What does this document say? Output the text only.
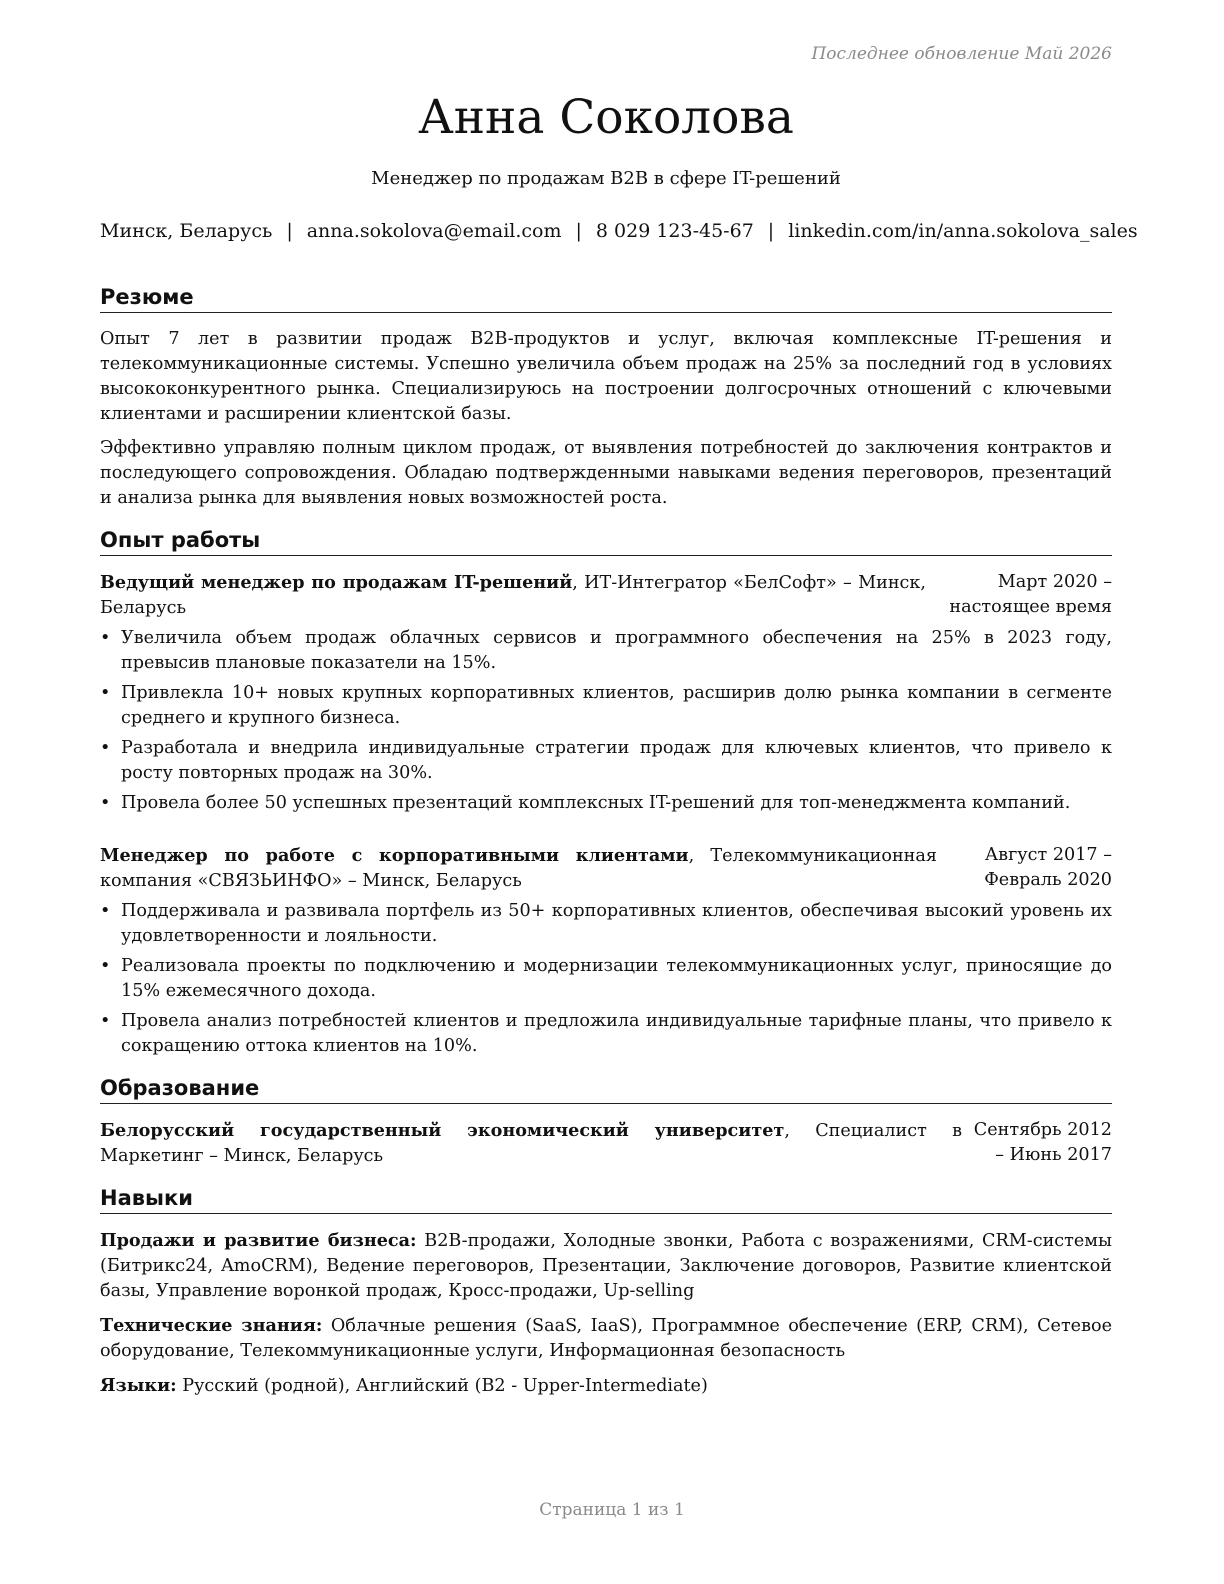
Последнее обновление Май 2026
Анна Соколова
Менеджер по продажам B2B в сфере IT-решений
Минск, Беларусь | anna.sokolova@email.com | 8 029 123-45-67 | linkedin.com/in/anna.sokolova_sales
Резюме

Опыт 7 лет в развитии продаж B2B-продуктов и услуг, включая комплексные IT-решения и телекоммуникационные системы. Успешно увеличила объем продаж на 25% за последний год в условиях высококонкурентного рынка. Специализируюсь на построении долгосрочных отношений с ключевыми клиентами и расширении клиентской базы.

Эффективно управляю полным циклом продаж, от выявления потребностей до заключения контрактов и последующего сопровождения. Обладаю подтвержденными навыками ведения переговоров, презентаций и анализа рынка для выявления новых возможностей роста.

Опыт работы
Ведущий менеджер по продажам IT-решений, ИТ-Интегратор «БелСофт» – Минск, Беларусь
Март 2020 – настоящее время
• Увеличила объем продаж облачных сервисов и программного обеспечения на 25% в 2023 году, превысив плановые показатели на 15%.
• Привлекла 10+ новых крупных корпоративных клиентов, расширив долю рынка компании в сегменте среднего и крупного бизнеса.
• Разработала и внедрила индивидуальные стратегии продаж для ключевых клиентов, что привело к росту повторных продаж на 30%.
• Провела более 50 успешных презентаций комплексных IT-решений для топ-менеджмента компаний.
Менеджер по работе с корпоративными клиентами, Телекоммуникационная компания «СВЯЗЬИНФО» – Минск, Беларусь
Август 2017 – Февраль 2020
• Поддерживала и развивала портфель из 50+ корпоративных клиентов, обеспечивая высокий уровень их удовлетворенности и лояльности.
• Реализовала проекты по подключению и модернизации телекоммуникационных услуг, приносящие до 15% ежемесячного дохода.
• Провела анализ потребностей клиентов и предложила индивидуальные тарифные планы, что привело к сокращению оттока клиентов на 10%.
Образование
Белорусский государственный экономический университет, Специалист в Маркетинг – Минск, Беларусь
Сентябрь 2012 – Июнь 2017
Навыки

Продажи и развитие бизнеса: B2B-продажи, Холодные звонки, Работа с возражениями, CRM-системы (Битрикс24, AmoCRM), Ведение переговоров, Презентации, Заключение договоров, Развитие клиентской базы, Управление воронкой продаж, Кросс-продажи, Up-selling

Технические знания: Облачные решения (SaaS, IaaS), Программное обеспечение (ERP, CRM), Сетевое оборудование, Телекоммуникационные услуги, Информационная безопасность

Языки: Русский (родной), Английский (B2 - Upper-Intermediate)

Страница 1 из 1
